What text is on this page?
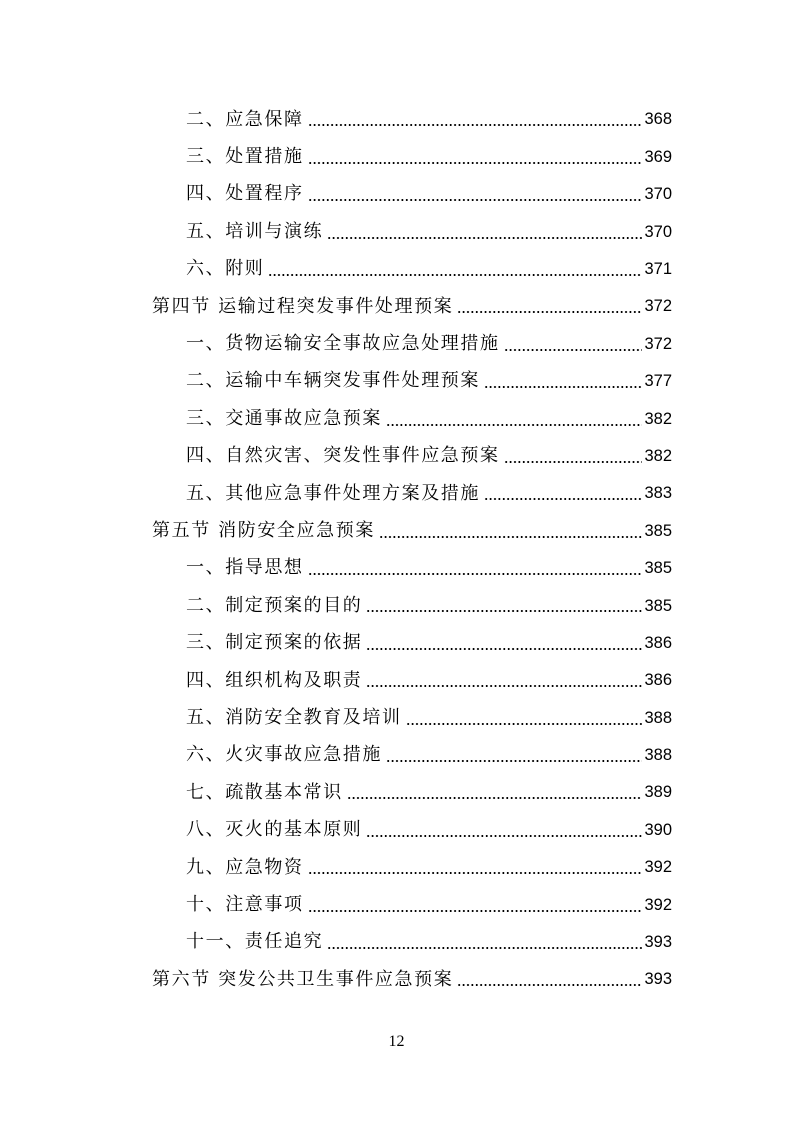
二、应急保障	368
三、处置措施	369
四、处置程序	370
五、培训与演练	370
六、附则	371
第四节 运输过程突发事件处理预案	372
一、货物运输安全事故应急处理措施	372
二、运输中车辆突发事件处理预案	377
三、交通事故应急预案	382
四、自然灾害、突发性事件应急预案	382
五、其他应急事件处理方案及措施	383
第五节 消防安全应急预案	385
一、指导思想	385
二、制定预案的目的	385
三、制定预案的依据	386
四、组织机构及职责	386
五、消防安全教育及培训	388
六、火灾事故应急措施	388
七、疏散基本常识	389
八、灭火的基本原则	390
九、应急物资	392
十、注意事项	392
十一、责任追究	393
第六节 突发公共卫生事件应急预案	393
12
